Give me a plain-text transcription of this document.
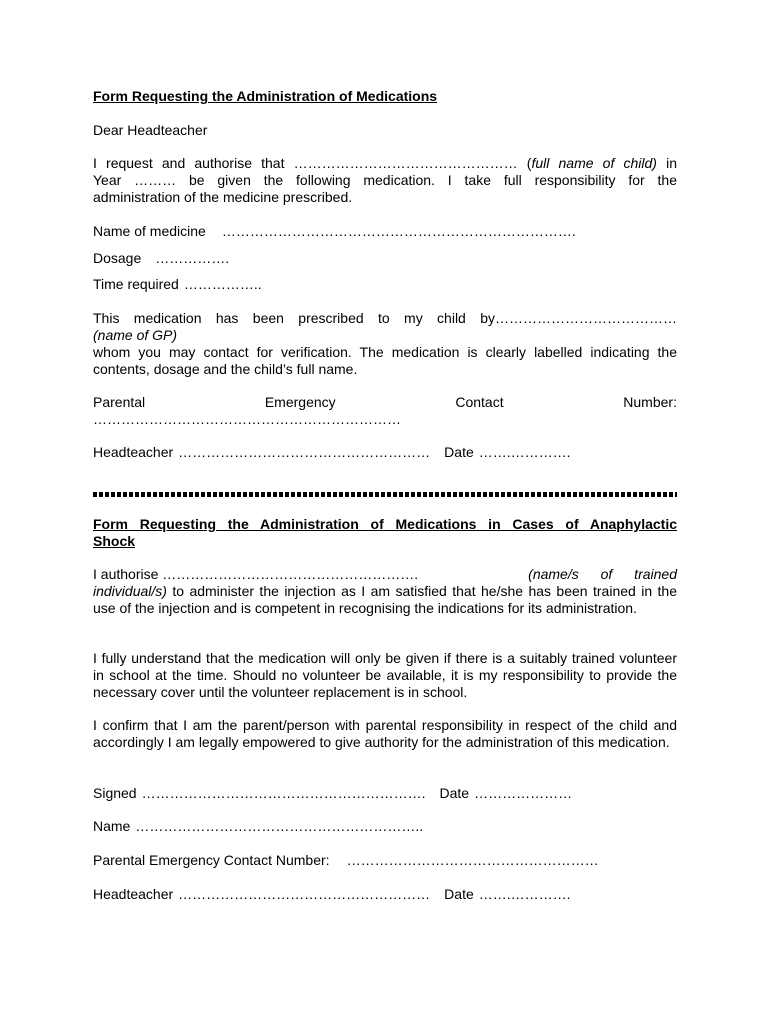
Form Requesting the Administration of Medications

Dear Headteacher

I request and authorise that ………………………………………… (full name of child) in

Year ……… be given the following medication. I take full responsibility for the

administration of the medicine prescribed.

Name of medicine ………………………………………………………………….
Dosage …………….
Time required ……………..

This medication has been prescribed to my child by…………………………………

(name of GP)

whom you may contact for verification. The medication is clearly labelled indicating the

contents, dosage and the child’s full name.

Parental	Emergency	Contact	Number:

…………………………………………………………

Headteacher ……………………………………………… Date …….………….

Form Requesting the Administration of Medications in Cases of Anaphylactic

Shock

I authorise ……………………………………………….	(name/s of trained

individual/s) to administer the injection as I am satisfied that he/she has been trained in the use of the injection and is competent in recognising the indications for its administration.

I fully understand that the medication will only be given if there is a suitably trained volunteer in school at the time. Should no volunteer be available, it is my responsibility to provide the necessary cover until the volunteer replacement is in school.

I confirm that I am the parent/person with parental responsibility in respect of the child and accordingly I am legally empowered to give authority for the administration of this medication.

Signed ……………………………………………………. Date …………………
Name ……………………………………………………..
Parental Emergency Contact Number: ………………………………………………
Headteacher ……………………………………………… Date …….………….
